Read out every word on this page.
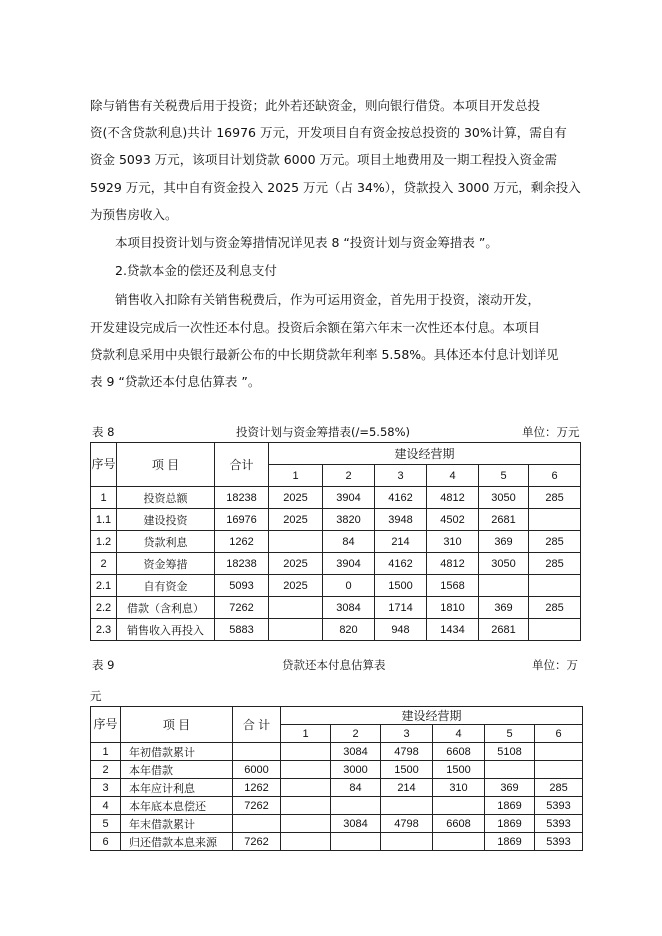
除与销售有关税费后用于投资；此外若还缺资金，则向银行借贷。本项目开发总投
资(不含贷款利息)共计 16976 万元，开发项目自有资金按总投资的 30%计算，需自有
资金 5093 万元，该项目计划贷款 6000 万元。项目土地费用及一期工程投入资金需
5929 万元，其中自有资金投入 2025 万元（占 34%），贷款投入 3000 万元，剩余投入
为预售房收入。
本项目投资计划与资金筹措情况详见表 8 “投资计划与资金筹措表 ”。
2.贷款本金的偿还及利息支付
销售收入扣除有关销售税费后，作为可运用资金，首先用于投资，滚动开发，
开发建设完成后一次性还本付息。投资后余额在第六年末一次性还本付息。本项目
贷款利息采用中央银行最新公布的中长期贷款年利率 5.58%。具体还本付息计划详见
表 9 “贷款还本付息估算表 ”。
表 8	投资计划与资金筹措表(/=5.58%)	单位：万元
序号	项 目	合计	建设经营期					
			1	2	3	4	5	6
1	投资总额	18238	2025	3904	4162	4812	3050	285
1.1	建设投资	16976	2025	3820	3948	4502	2681	
1.2	贷款利息	1262		84	214	310	369	285
2	资金筹措	18238	2025	3904	4162	4812	3050	285
2.1	自有资金	5093	2025	0	1500	1568		
2.2	借款（含利息）	7262		3084	1714	1810	369	285
2.3	销售收入再投入	5883		820	948	1434	2681	
表 9	贷款还本付息估算表	单位：万
元
序号	项 目	合 计	建设经营期					
			1	2	3	4	5	6
1	年初借款累计			3084	4798	6608	5108	
2	本年借款	6000		3000	1500	1500		
3	本年应计利息	1262		84	214	310	369	285
4	本年底本息偿还	7262					1869	5393
5	年末借款累计			3084	4798	6608	1869	5393
6	归还借款本息来源	7262					1869	5393
